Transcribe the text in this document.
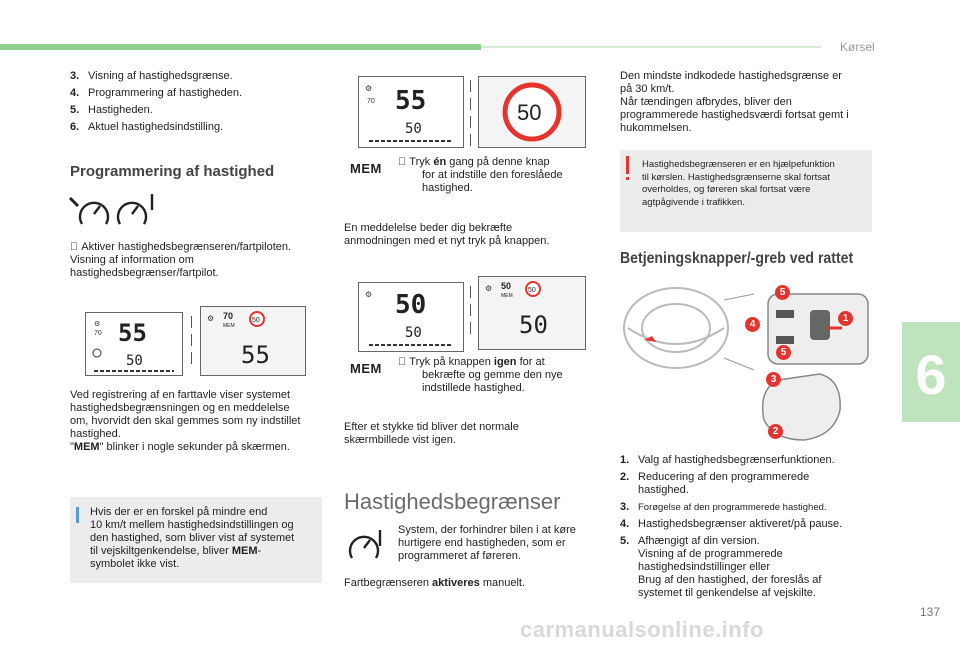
Kørsel
6
137
carmanualsonline.info
3. Visning af hastighedsgrænse.
4. Programmering af hastigheden.
5. Hastigheden.
6. Aktuel hastighedsindstilling.
Programmering af hastighed
Aktiver hastighedsbegrænseren/fartpiloten.
Visning af information om
hastighedsbegrænser/fartpilot.
⚙
70 55
50
⚙ 70
MEM
50
55
Ved registrering af en farttavle viser systemet
hastighedsbegrænsningen og en meddelelse
om, hvorvidt den skal gemmes som ny indstillet
hastighed.
"MEM" blinker i nogle sekunder på skærmen.
Hvis der er en forskel på mindre end
10 km/t mellem hastighedsindstillingen og
den hastighed, som bliver vist af systemet
til vejskiltgenkendelse, bliver MEM-
symbolet ikke vist.
⚙
70 55
50
50
MEM Tryk én gang på denne knap
for at indstille den foreslåede
hastighed.
En meddelelse beder dig bekræfte
anmodningen med et nyt tryk på knappen.
⚙ 50
50
⚙ 50
MEM
50
50
MEM Tryk på knappen igen for at
bekræfte og gemme den nye
indstillede hastighed.
Efter et stykke tid bliver det normale
skærmbillede vist igen.
Hastighedsbegrænser
System, der forhindrer bilen i at køre
hurtigere end hastigheden, som er
programmeret af føreren.
Fartbegrænseren aktiveres manuelt.
Den mindste indkodede hastighedsgrænse er
på 30 km/t.
Når tændingen afbrydes, bliver den
programmerede hastighedsværdi fortsat gemt i
hukommelsen.
Hastighedsbegrænseren er en hjælpefunktion
til kørslen. Hastighedsgrænserne skal fortsat
overholdes, og føreren skal fortsat være
agtpågivende i trafikken.
Betjeningsknapper/-greb ved rattet
5
4
1
5
3
2
1. Valg af hastighedsbegrænserfunktionen.
2. Reducering af den programmerede
hastighed.
3. Forøgelse af den programmerede hastighed.
4. Hastighedsbegrænser aktiveret/på pause.
5. Afhængigt af din version.
Visning af de programmerede
hastighedsindstillinger eller
Brug af den hastighed, der foreslås af
systemet til genkendelse af vejskilte.
